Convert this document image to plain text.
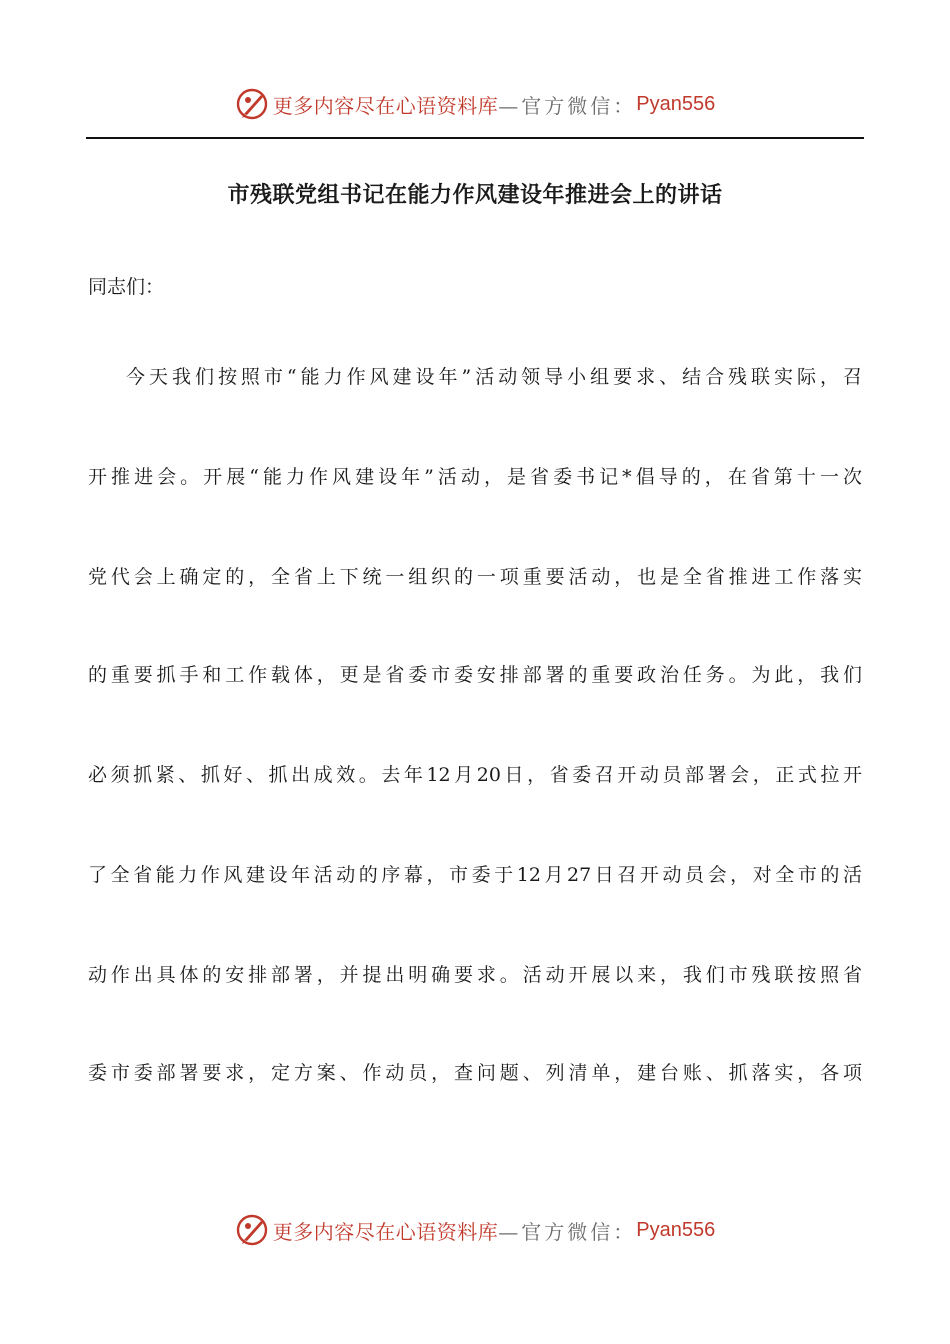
更多内容尽在心语资料库 —官方微信： Pyan556
市残联党组书记在能力作风建设年推进会上的讲话
同志们：
今天我们按照市“能力作风建设年”活动领导小组要求、结合残联实际，召
开推进会。开展“能力作风建设年”活动，是省委书记*倡导的，在省第十一次
党代会上确定的，全省上下统一组织的一项重要活动，也是全省推进工作落实
的重要抓手和工作载体，更是省委市委安排部署的重要政治任务。为此，我们
必须抓紧、抓好、抓出成效。去年12月20日，省委召开动员部署会，正式拉开
了全省能力作风建设年活动的序幕，市委于12月27日召开动员会，对全市的活
动作出具体的安排部署，并提出明确要求。活动开展以来，我们市残联按照省
委市委部署要求，定方案、作动员，查问题、列清单，建台账、抓落实，各项
更多内容尽在心语资料库 —官方微信： Pyan556
